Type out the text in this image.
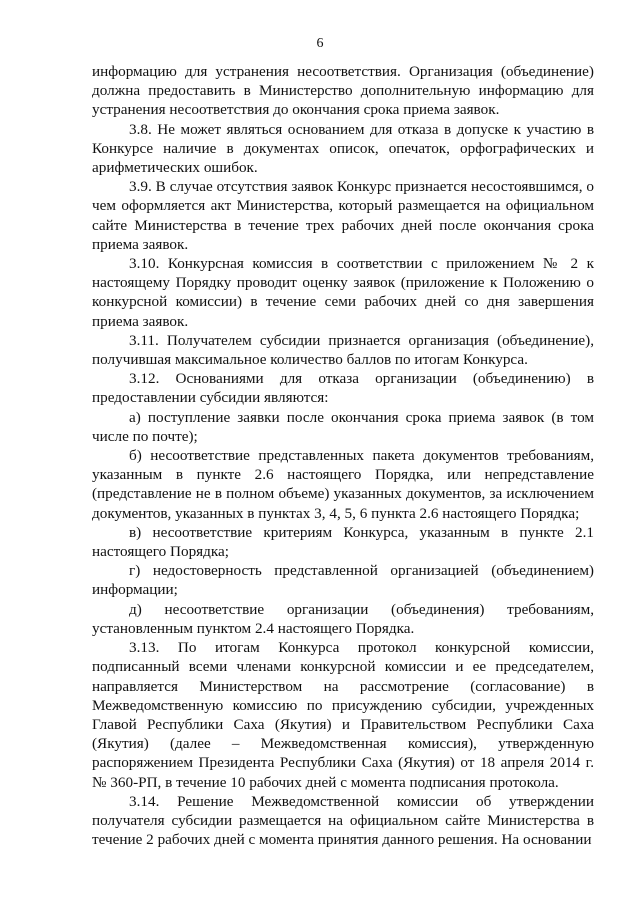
6

информацию для устранения несоответствия. Организация (объединение) должна предоставить в Министерство дополнительную информацию для устранения несоответствия до окончания срока приема заявок.

3.8. Не может являться основанием для отказа в допуске к участию в Конкурсе наличие в документах описок, опечаток, орфографических и арифметических ошибок.

3.9. В случае отсутствия заявок Конкурс признается несостоявшимся, о чем оформляется акт Министерства, который размещается на официальном сайте Министерства в течение трех рабочих дней после окончания срока приема заявок.

3.10. Конкурсная комиссия в соответствии с приложением № 2 к настоящему Порядку проводит оценку заявок (приложение к Положению о конкурсной комиссии) в течение семи рабочих дней со дня завершения приема заявок.

3.11. Получателем субсидии признается организация (объединение), получившая максимальное количество баллов по итогам Конкурса.

3.12. Основаниями для отказа организации (объединению) в предоставлении субсидии являются:

а) поступление заявки после окончания срока приема заявок (в том числе по почте);

б) несоответствие представленных пакета документов требованиям, указанным в пункте 2.6 настоящего Порядка, или непредставление (представление не в полном объеме) указанных документов, за исключением документов, указанных в пунктах 3, 4, 5, 6 пункта 2.6 настоящего Порядка;

в) несоответствие критериям Конкурса, указанным в пункте 2.1 настоящего Порядка;

г) недостоверность представленной организацией (объединением) информации;

д) несоответствие организации (объединения) требованиям, установленным пунктом 2.4 настоящего Порядка.

3.13. По итогам Конкурса протокол конкурсной комиссии, подписанный всеми членами конкурсной комиссии и ее председателем, направляется Министерством на рассмотрение (согласование) в Межведомственную комиссию по присуждению субсидии, учрежденных Главой Республики Саха (Якутия) и Правительством Республики Саха (Якутия) (далее – Межведомственная комиссия), утвержденную распоряжением Президента Республики Саха (Якутия) от 18 апреля 2014 г. № 360-РП, в течение 10 рабочих дней с момента подписания протокола.

3.14. Решение Межведомственной комиссии об утверждении получателя субсидии размещается на официальном сайте Министерства в течение 2 рабочих дней с момента принятия данного решения. На основании
